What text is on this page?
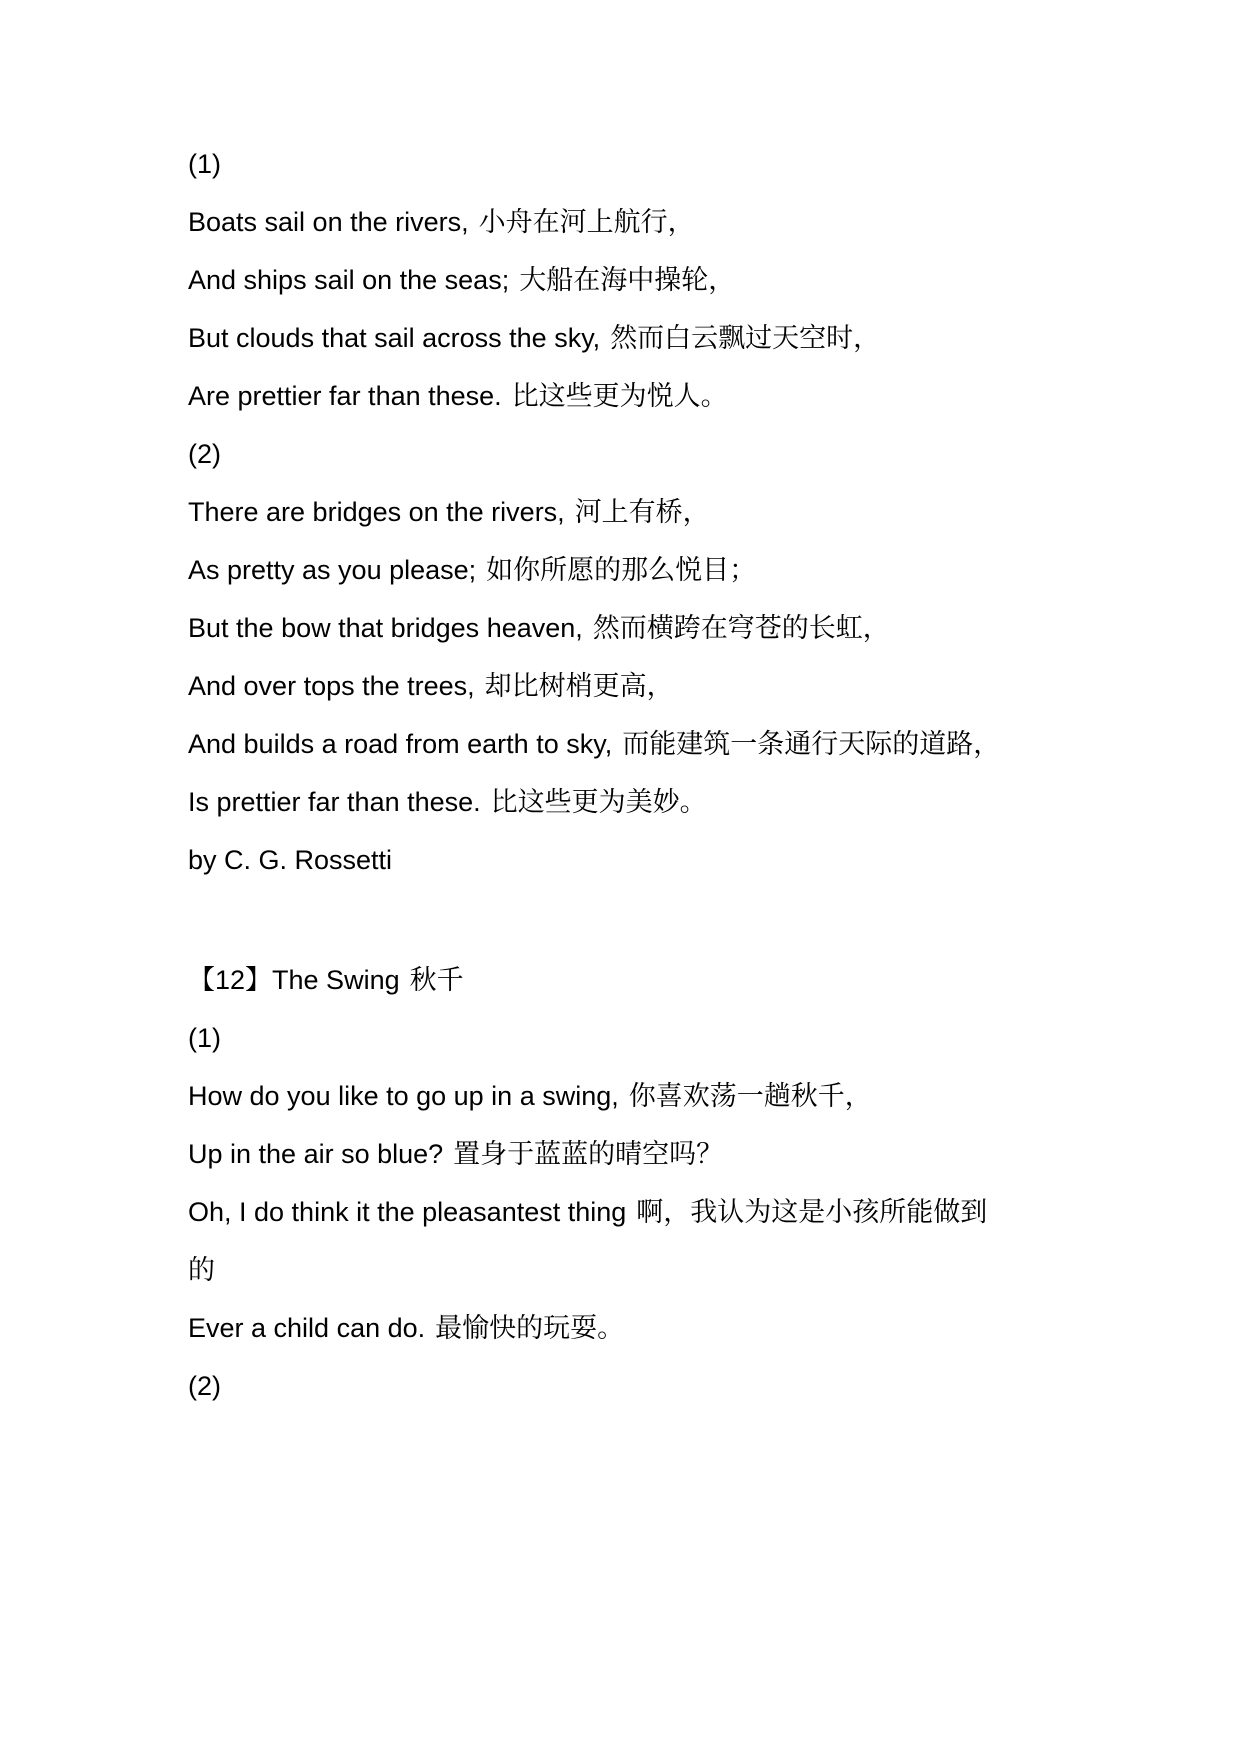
(1)
Boats sail on the rivers, 小舟在河上航行，
And ships sail on the seas; 大船在海中操轮，
But clouds that sail across the sky, 然而白云飘过天空时，
Are prettier far than these. 比这些更为悦人。
(2)
There are bridges on the rivers, 河上有桥，
As pretty as you please; 如你所愿的那么悦目；
But the bow that bridges heaven, 然而横跨在穹苍的长虹，
And over tops the trees, 却比树梢更高，
And builds a road from earth to sky, 而能建筑一条通行天际的道路，
Is prettier far than these. 比这些更为美妙。
by C. G. Rossetti
【12】The Swing 秋千
(1)
How do you like to go up in a swing, 你喜欢荡一趟秋千，
Up in the air so blue? 置身于蓝蓝的晴空吗？
Oh, I do think it the pleasantest thing 啊，我认为这是小孩所能做到
的
Ever a child can do. 最愉快的玩耍。
(2)
